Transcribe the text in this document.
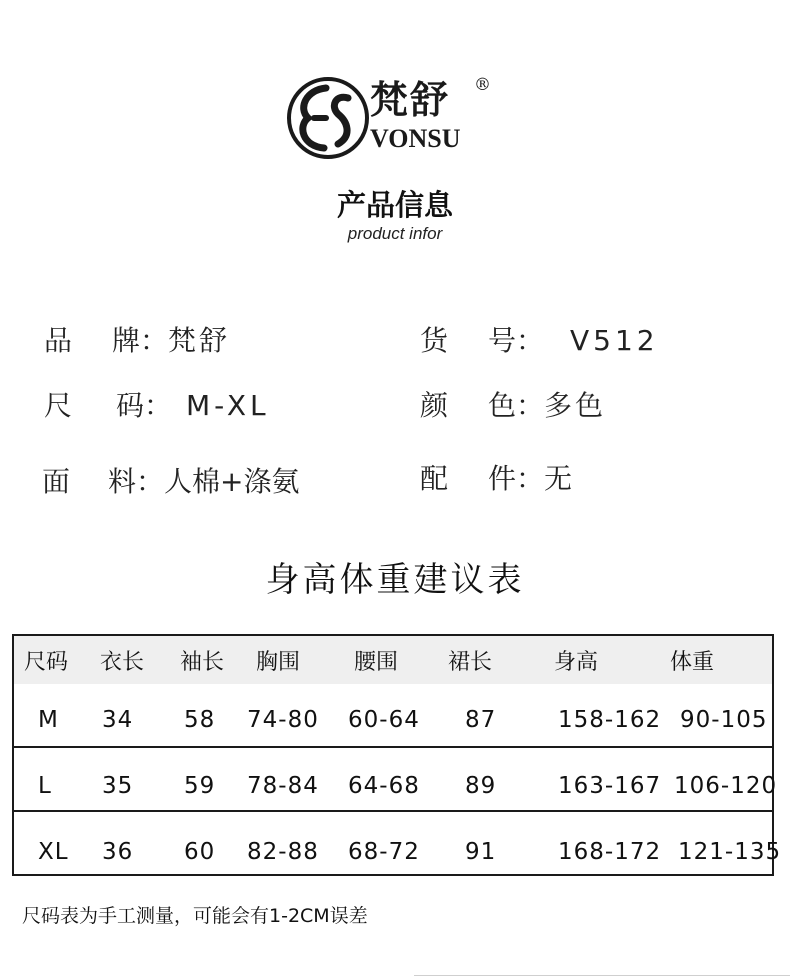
梵舒 ®
VONSU
产品信息
product infor
品 牌：梵舒	货 号： V512
尺 码： M-XL	颜 色：多色
面 料：人棉+涤氨	配 件：无
身高体重建议表
尺码 衣长 袖长 胸围 腰围 裙长	身高	体重
M 34 58 74-80 60-64 87	158-162 90-105
L 35 59 78-84 64-68 89	163-167 106-120
XL 36 60 82-88 68-72 91	168-172 121-135
尺码表为手工测量，可能会有1-2CM误差
